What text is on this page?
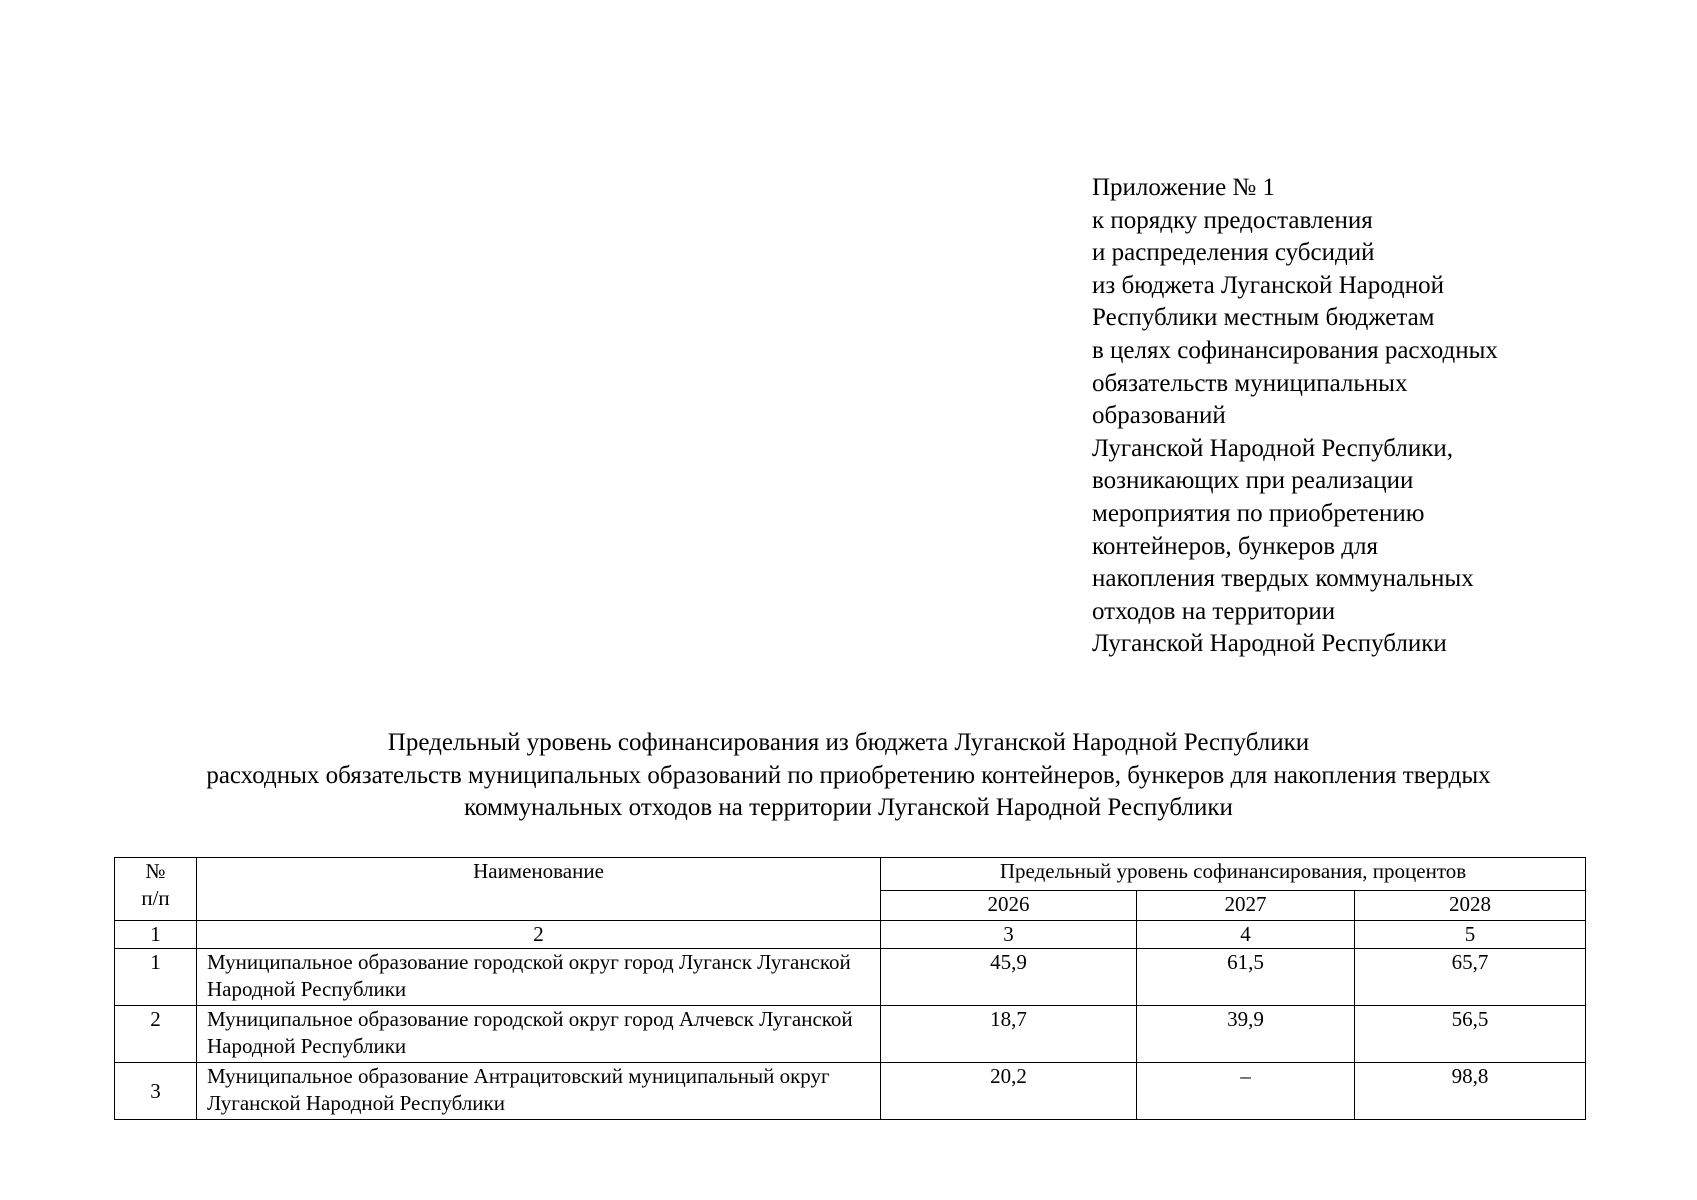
Приложение № 1
к порядку предоставления
и распределения субсидий
из бюджета Луганской Народной
Республики местным бюджетам
в целях софинансирования расходных
обязательств муниципальных
образований
Луганской Народной Республики,
возникающих при реализации
мероприятия по приобретению
контейнеров, бункеров для
накопления твердых коммунальных
отходов на территории
Луганской Народной Республики
Предельный уровень софинансирования из бюджета Луганской Народной Республики
расходных обязательств муниципальных образований по приобретению контейнеров, бункеров для накопления твердых
коммунальных отходов на территории Луганской Народной Республики
№
п/п	Наименование	Предельный уровень софинансирования, процентов		
		2026	2027	2028
1	2	3	4	5
1	Муниципальное образование городской округ город Луганск Луганской Народной Республики	45,9	61,5	65,7
2	Муниципальное образование городской округ город Алчевск Луганской Народной Республики	18,7	39,9	56,5
3	Муниципальное образование Антрацитовский муниципальный округ Луганской Народной Республики	20,2	–	98,8
